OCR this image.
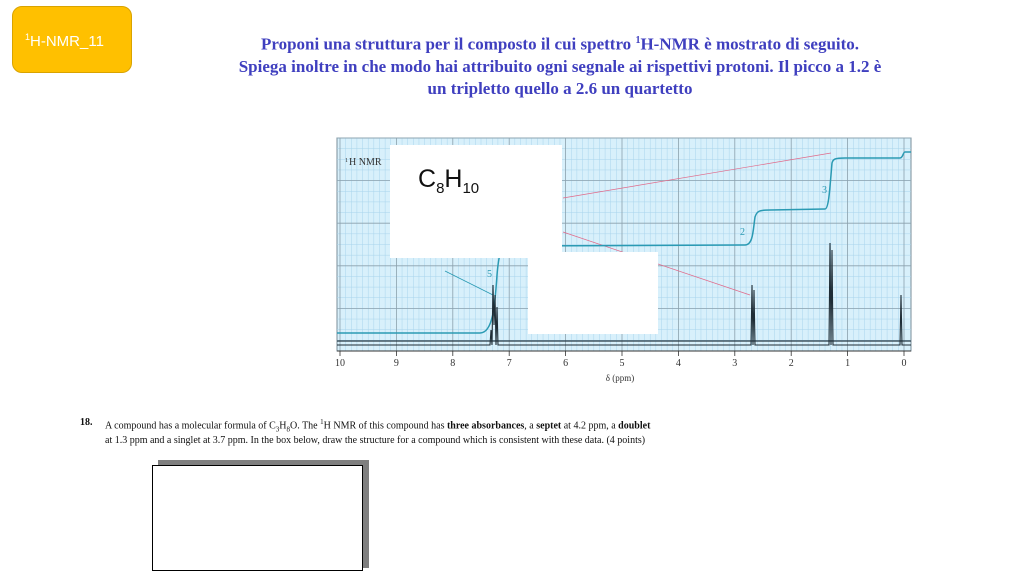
$^1$H-NMR_11	Proponi una struttura per il composto il cui spettro $^1$H-NMR è mostrato di seguito.
Spiega inoltre in che modo hai attribuito ogni segnale ai rispettivi protoni. Il picco a 1.2 è
un tripletto quello a 2.6 un quartetto
1 H NMR
5
2
3
10	9	8	7	6	5	4	3	2	1	0
δ (ppm)
$C_8H_{10}$
18. A compound has a molecular formula of $C_3H_8O$. The $^1$H NMR of this compound has three absorbances, a septet at 4.2 ppm, a doublet at 1.3 ppm and a singlet at 3.7 ppm. In the box below, draw the structure for a compound which is consistent with these data. (4 points)
